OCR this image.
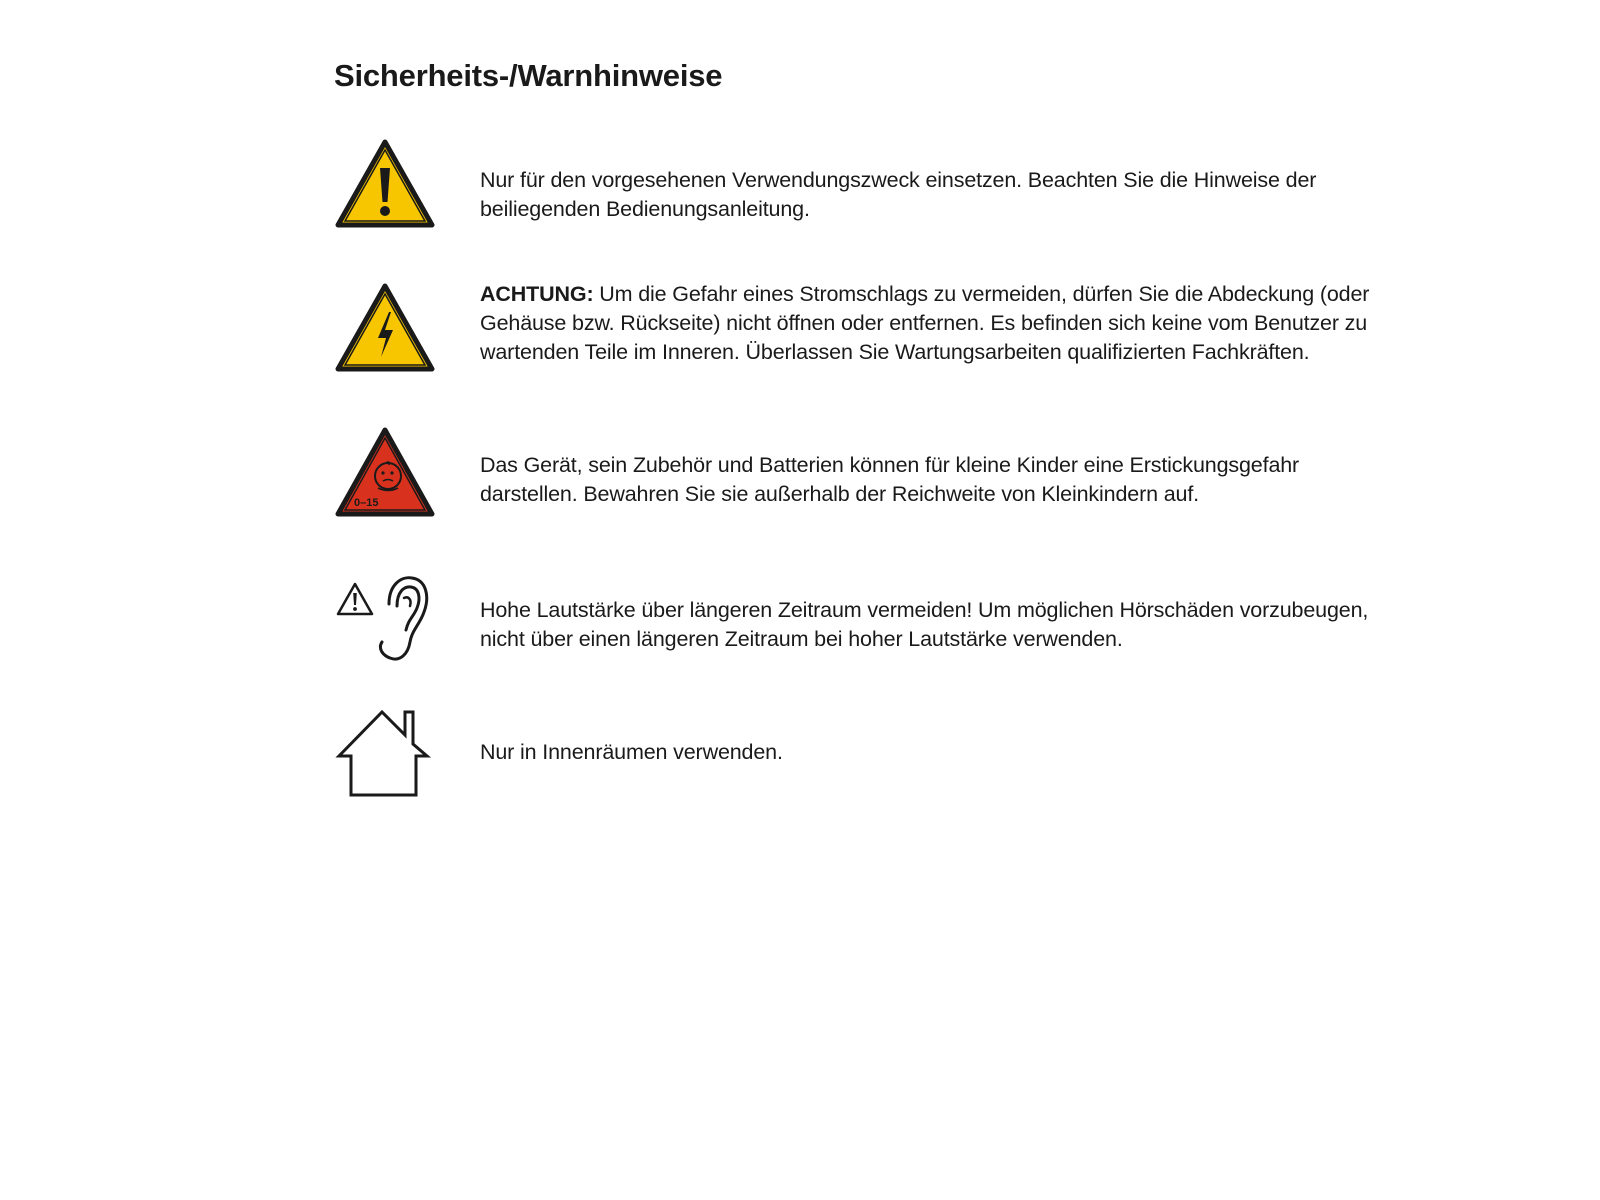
Sicherheits-/Warnhinweise
Nur für den vorgesehenen Verwendungszweck einsetzen. Beachten Sie die Hinweise der beiliegenden Bedienungsanleitung.
ACHTUNG: Um die Gefahr eines Stromschlags zu vermeiden, dürfen Sie die Abdeckung (oder Gehäuse bzw. Rückseite) nicht öffnen oder entfernen. Es befinden sich keine vom Benutzer zu wartenden Teile im Inneren. Überlassen Sie Wartungsarbeiten qualifizierten Fachkräften.
0–15
Das Gerät, sein Zubehör und Batterien können für kleine Kinder eine Erstickungsgefahr darstellen. Bewahren Sie sie außerhalb der Reichweite von Kleinkindern auf.
Hohe Lautstärke über längeren Zeitraum vermeiden! Um möglichen Hörschäden vorzubeugen, nicht über einen längeren Zeitraum bei hoher Lautstärke verwenden.
Nur in Innenräumen verwenden.
